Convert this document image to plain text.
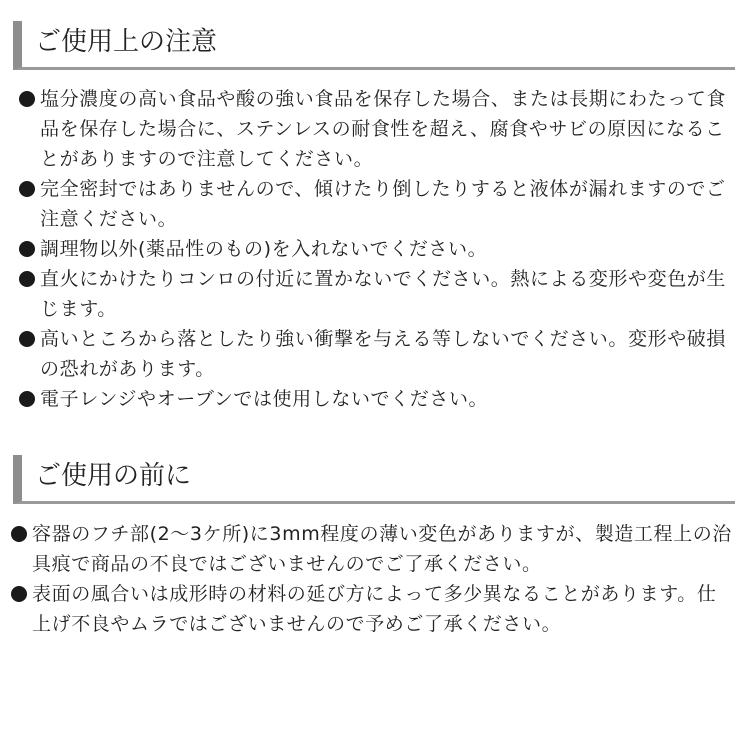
ご使用上の注意
塩分濃度の高い食品や酸の強い食品を保存した場合、または長期にわたって食品を保存した場合に、ステンレスの耐食性を超え、腐食やサビの原因になることがありますので注意してください。
完全密封ではありませんので、傾けたり倒したりすると液体が漏れますのでご注意ください。
調理物以外(薬品性のもの)を入れないでください。
直火にかけたりコンロの付近に置かないでください。熱による変形や変色が生じます。
高いところから落としたり強い衝撃を与える等しないでください。変形や破損の恐れがあります。
電子レンジやオーブンでは使用しないでください。
ご使用の前に
容器のフチ部(2〜3ケ所)に3mm程度の薄い変色がありますが、製造工程上の治具痕で商品の不良ではございませんのでご了承ください。
表面の風合いは成形時の材料の延び方によって多少異なることがあります。仕上げ不良やムラではございませんので予めご了承ください。
